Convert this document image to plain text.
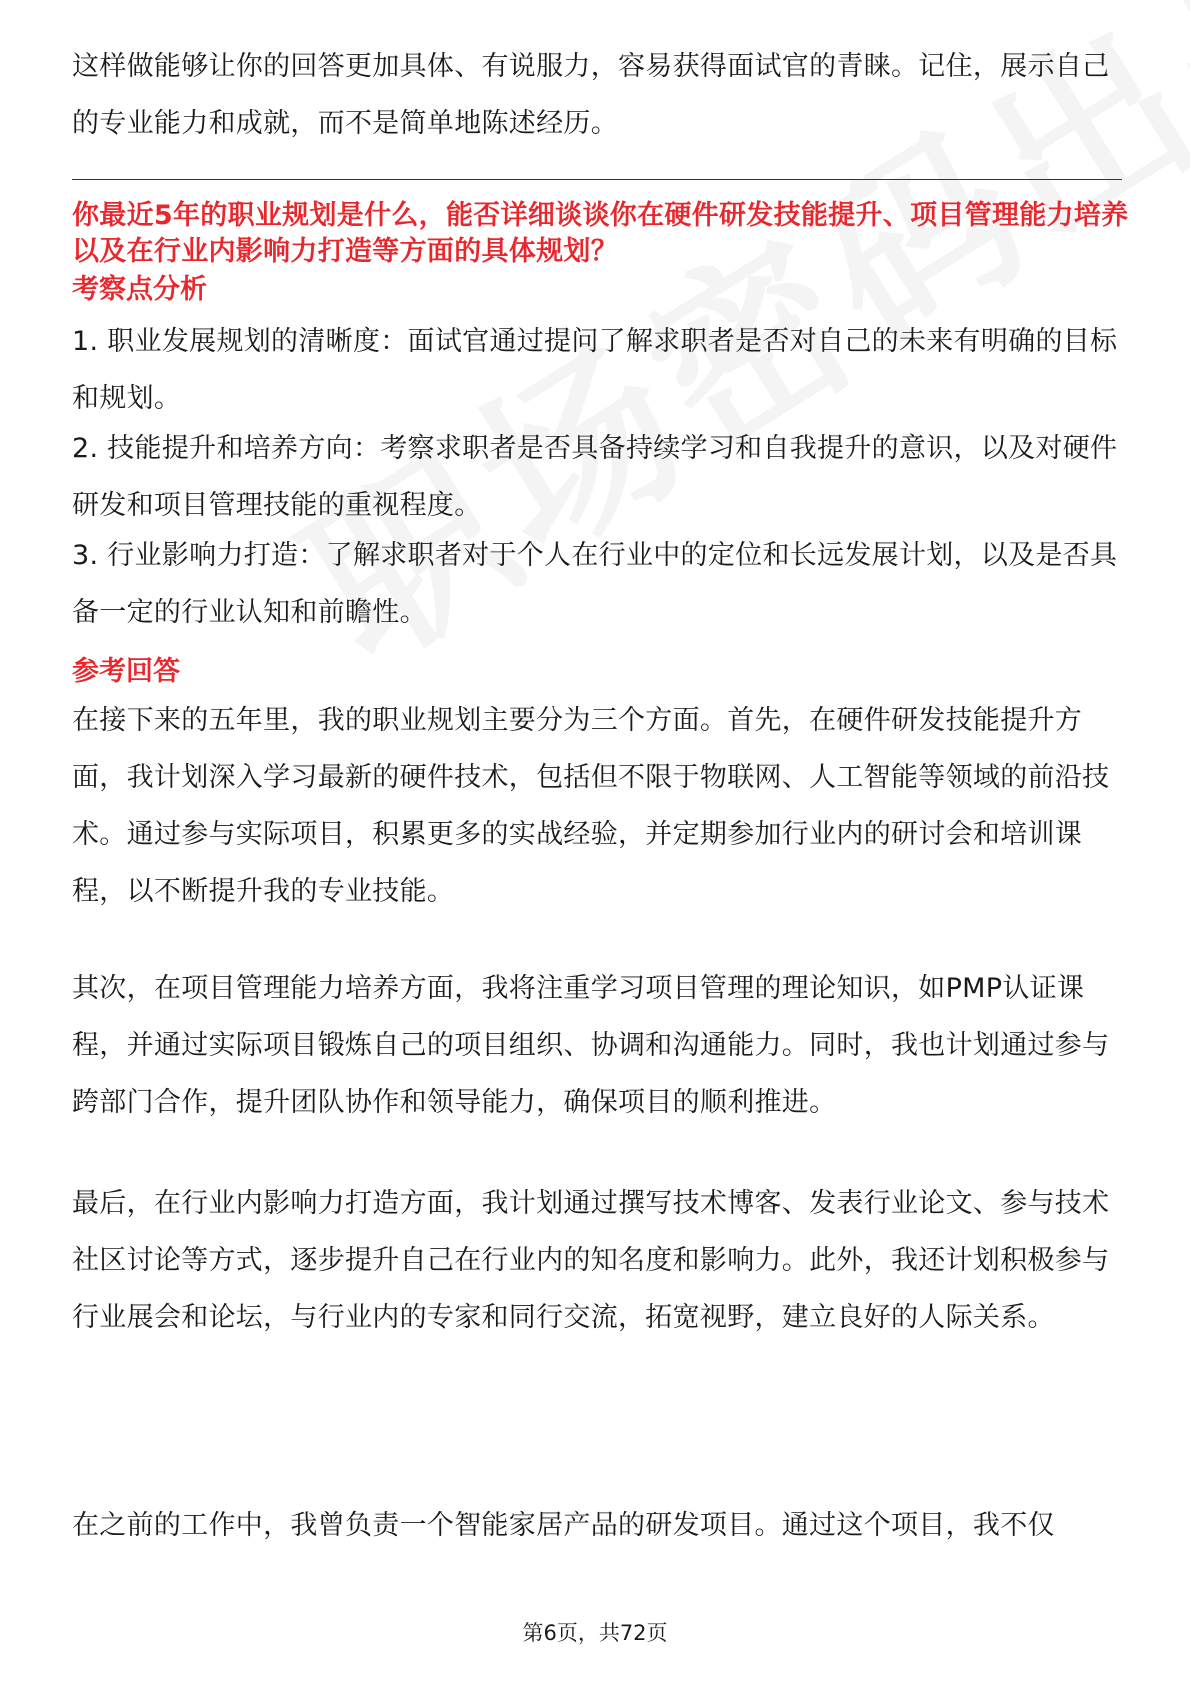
这样做能够让你的回答更加具体、有说服力，容易获得面试官的青睐。记住，展示自己的专业能力和成就，而不是简单地陈述经历。

你最近5年的职业规划是什么，能否详细谈谈你在硬件研发技能提升、项目管理能力培养以及在行业内影响力打造等方面的具体规划？

考察点分析

1. 职业发展规划的清晰度：面试官通过提问了解求职者是否对自己的未来有明确的目标和规划。

2. 技能提升和培养方向：考察求职者是否具备持续学习和自我提升的意识，以及对硬件研发和项目管理技能的重视程度。

3. 行业影响力打造：了解求职者对于个人在行业中的定位和长远发展计划，以及是否具备一定的行业认知和前瞻性。

参考回答

在接下来的五年里，我的职业规划主要分为三个方面。首先，在硬件研发技能提升方面，我计划深入学习最新的硬件技术，包括但不限于物联网、人工智能等领域的前沿技术。通过参与实际项目，积累更多的实战经验，并定期参加行业内的研讨会和培训课程，以不断提升我的专业技能。

其次，在项目管理能力培养方面，我将注重学习项目管理的理论知识，如PMP认证课程，并通过实际项目锻炼自己的项目组织、协调和沟通能力。同时，我也计划通过参与跨部门合作，提升团队协作和领导能力，确保项目的顺利推进。

最后，在行业内影响力打造方面，我计划通过撰写技术博客、发表行业论文、参与技术社区讨论等方式，逐步提升自己在行业内的知名度和影响力。此外，我还计划积极参与行业展会和论坛，与行业内的专家和同行交流，拓宽视野，建立良好的人际关系。

在之前的工作中，我曾负责一个智能家居产品的研发项目。通过这个项目，我不仅

第6页，共72页
